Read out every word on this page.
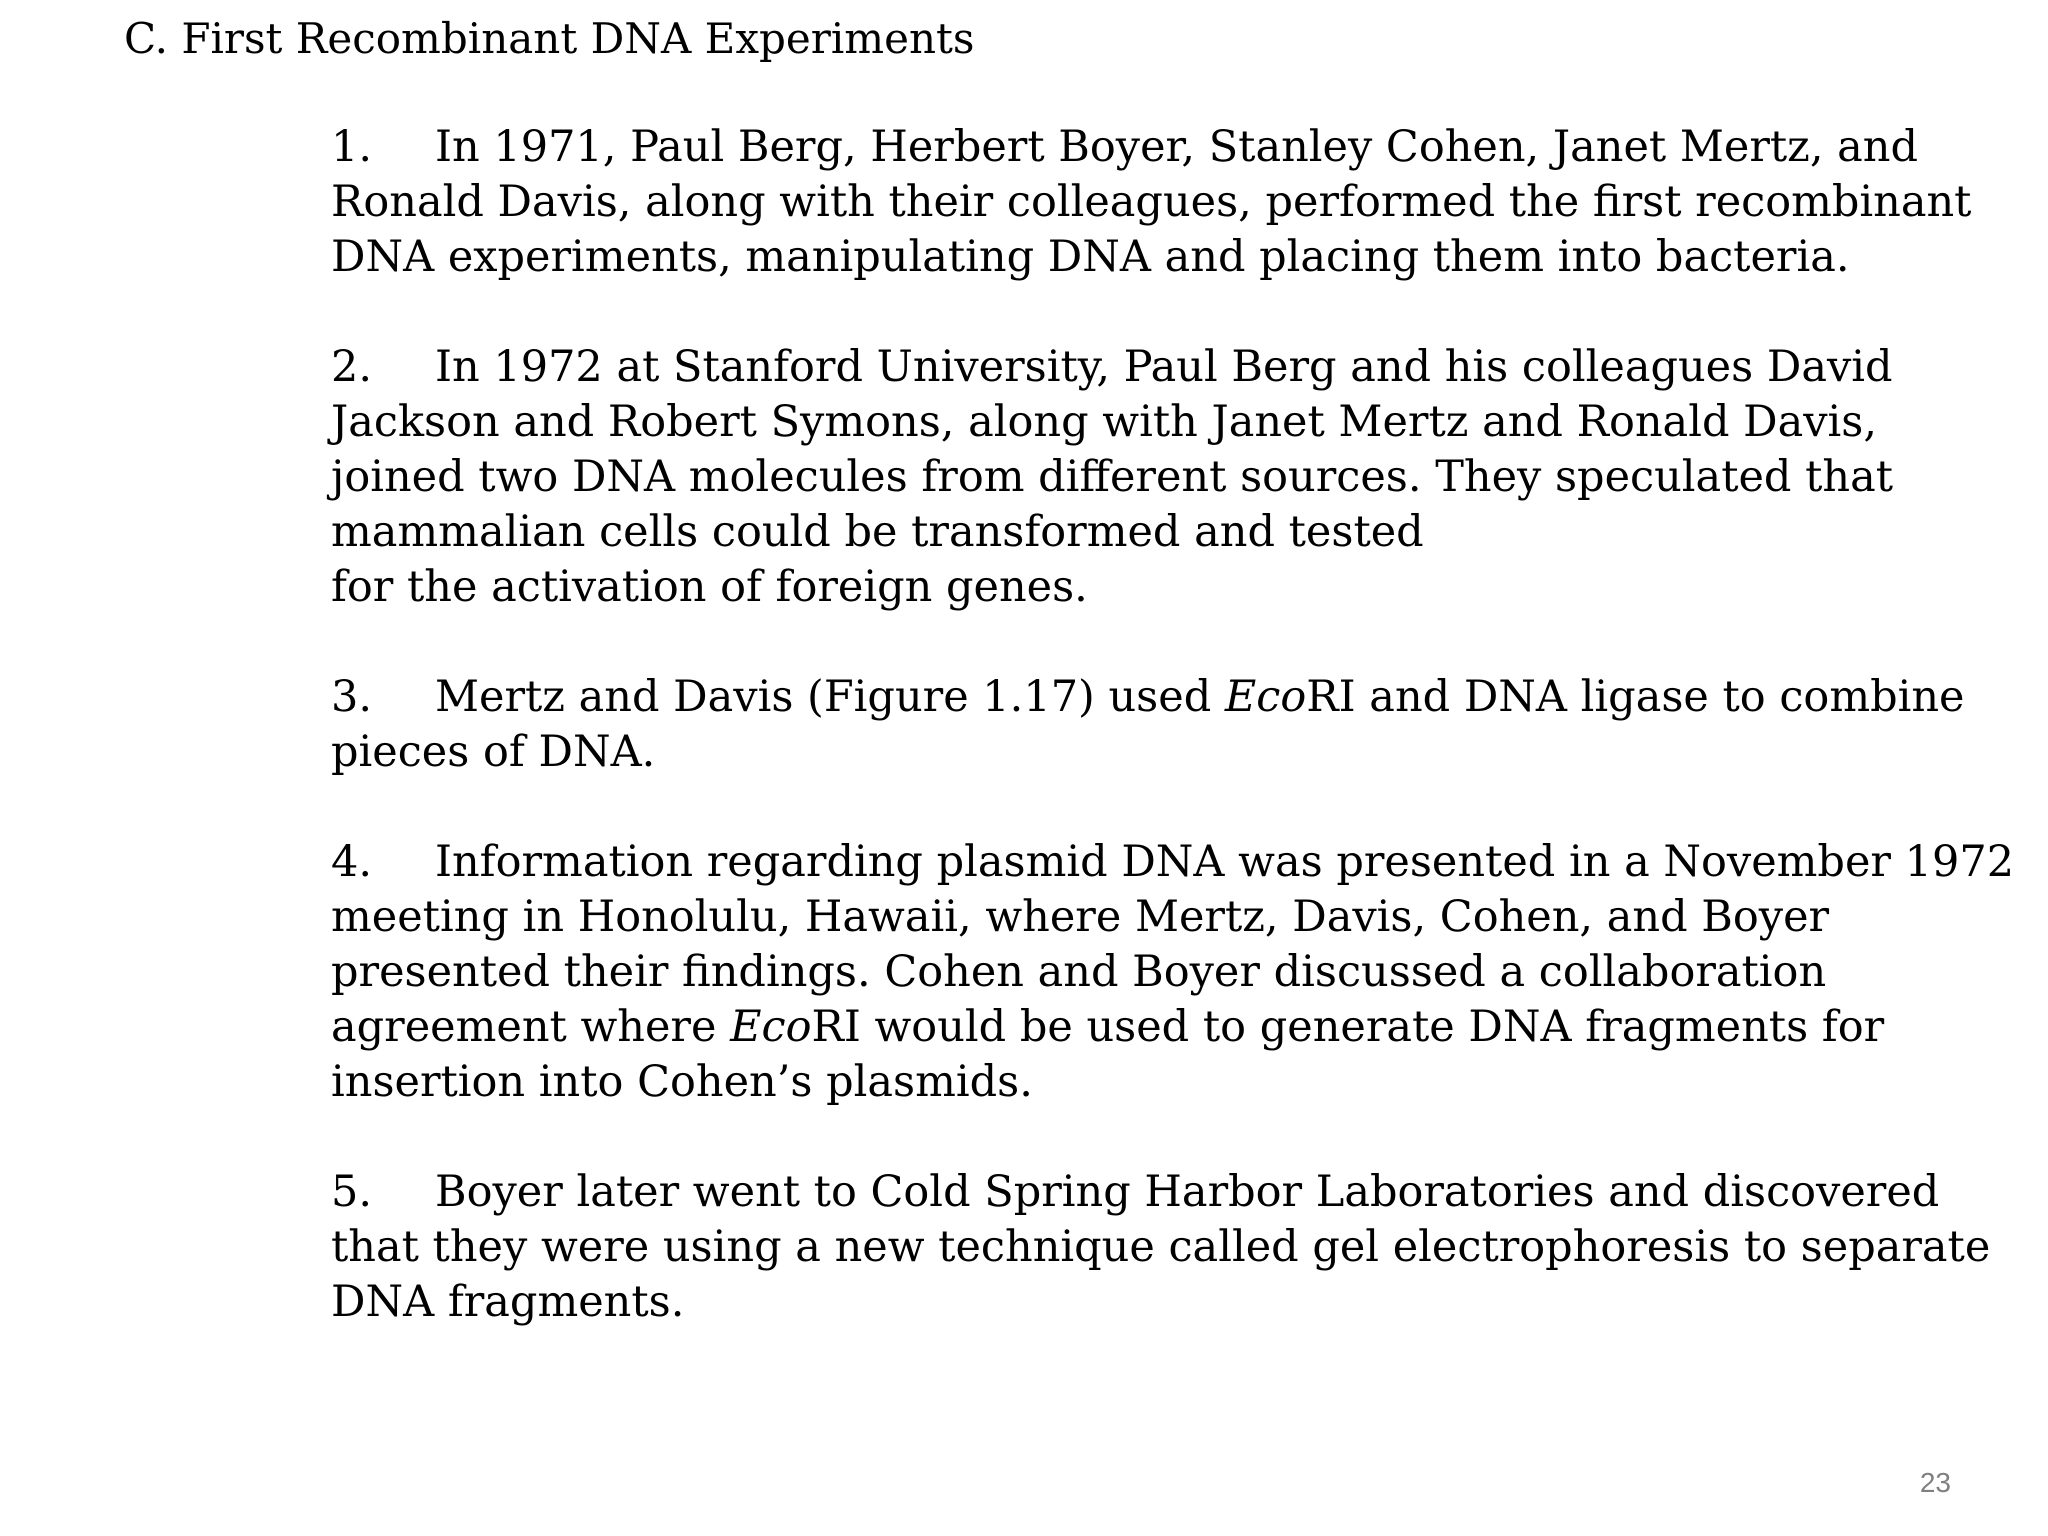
C. First Recombinant DNA Experiments
1. In 1971, Paul Berg, Herbert Boyer, Stanley Cohen, Janet Mertz, and
Ronald Davis, along with their colleagues, performed the first recombinant
DNA experiments, manipulating DNA and placing them into bacteria.
2. In 1972 at Stanford University, Paul Berg and his colleagues David
Jackson and Robert Symons, along with Janet Mertz and Ronald Davis,
joined two DNA molecules from different sources. They speculated that
mammalian cells could be transformed and tested
for the activation of foreign genes.
3. Mertz and Davis (Figure 1.17) used EcoRI and DNA ligase to combine
pieces of DNA.
4. Information regarding plasmid DNA was presented in a November 1972
meeting in Honolulu, Hawaii, where Mertz, Davis, Cohen, and Boyer
presented their findings. Cohen and Boyer discussed a collaboration
agreement where EcoRI would be used to generate DNA fragments for
insertion into Cohen’s plasmids.
5. Boyer later went to Cold Spring Harbor Laboratories and discovered
that they were using a new technique called gel electrophoresis to separate
DNA fragments.
23
